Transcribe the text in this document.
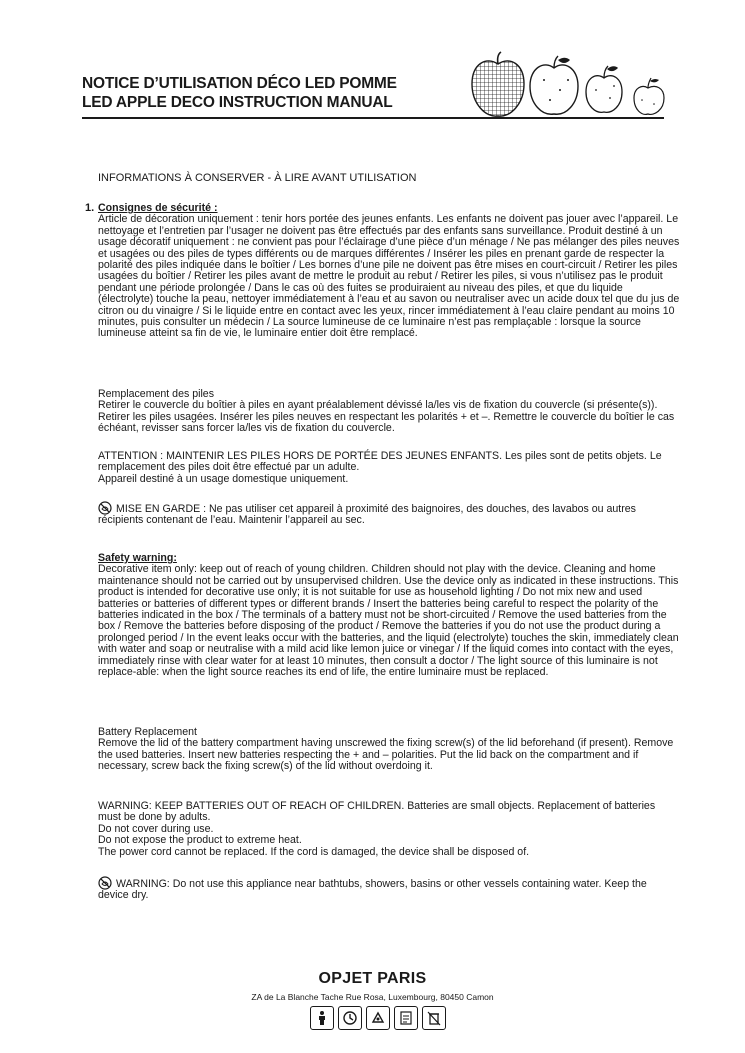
NOTICE D’UTILISATION DÉCO LED POMME
LED APPLE DECO INSTRUCTION MANUAL
INFORMATIONS À CONSERVER - À LIRE AVANT UTILISATION
1. Consignes de sécurité :

Article de décoration uniquement : tenir hors portée des jeunes enfants. Les enfants ne doivent pas jouer avec l’appareil. Le nettoyage et l’entretien par l’usager ne doivent pas être effectués par des enfants sans surveillance. Produit destiné à un usage décoratif uniquement : ne convient pas pour l’éclairage d’une pièce d’un ménage / Ne pas mélanger des piles neuves et usagées ou des piles de types différents ou de marques différentes / Insérer les piles en prenant garde de respecter la polarité des piles indiquée dans le boîtier / Les bornes d’une pile ne doivent pas être mises en court-circuit / Retirer les piles usagées du boîtier / Retirer les piles avant de mettre le produit au rebut / Retirer les piles, si vous n’utilisez pas le produit pendant une période prolongée / Dans le cas où des fuites se produiraient au niveau des piles, et que du liquide (électrolyte) touche la peau, nettoyer immédiatement à l’eau et au savon ou neutraliser avec un acide doux tel que du jus de citron ou du vinaigre / Si le liquide entre en contact avec les yeux, rincer immédiatement à l’eau claire pendant au moins 10 minutes, puis consulter un médecin / La source lumineuse de ce luminaire n’est pas remplaçable : lorsque la source lumineuse atteint sa fin de vie, le luminaire entier doit être remplacé.

Remplacement des piles

Retirer le couvercle du boîtier à piles en ayant préalablement dévissé la/les vis de fixation du couvercle (si présente(s)). Retirer les piles usagées. Insérer les piles neuves en respectant les polarités + et –. Remettre le couvercle du boîtier le cas échéant, revisser sans forcer la/les vis de fixation du couvercle.

ATTENTION : MAINTENIR LES PILES HORS DE PORTÉE DES JEUNES ENFANTS. Les piles sont de petits objets. Le remplacement des piles doit être effectué par un adulte.

Appareil destiné à un usage domestique uniquement.

MISE EN GARDE : Ne pas utiliser cet appareil à proximité des baignoires, des douches, des lavabos ou autres récipients contenant de l’eau. Maintenir l’appareil au sec.

Safety warning:

Decorative item only: keep out of reach of young children. Children should not play with the device. Cleaning and home maintenance should not be carried out by unsupervised children. Use the device only as indicated in these instructions. This product is intended for decorative use only; it is not suitable for use as household lighting / Do not mix new and used batteries or batteries of different types or different brands / Insert the batteries being careful to respect the polarity of the batteries indicated in the box / The terminals of a battery must not be short-circuited / Remove the used batteries from the box / Remove the batteries before disposing of the product / Remove the batteries if you do not use the product during a prolonged period / In the event leaks occur with the batteries, and the liquid (electrolyte) touches the skin, immediately clean with water and soap or neutralise with a mild acid like lemon juice or vinegar / If the liquid comes into contact with the eyes, immediately rinse with clear water for at least 10 minutes, then consult a doctor / The light source of this luminaire is not replace-able: when the light source reaches its end of life, the entire luminaire must be replaced.

Battery Replacement

Remove the lid of the battery compartment having unscrewed the fixing screw(s) of the lid beforehand (if present). Remove the used batteries. Insert new batteries respecting the + and – polarities. Put the lid back on the compartment and if necessary, screw back the fixing screw(s) of the lid without overdoing it.

WARNING: KEEP BATTERIES OUT OF REACH OF CHILDREN. Batteries are small objects. Replacement of batteries must be done by adults.

Do not cover during use.

Do not expose the product to extreme heat.

The power cord cannot be replaced. If the cord is damaged, the device shall be disposed of.

WARNING: Do not use this appliance near bathtubs, showers, basins or other vessels containing water. Keep the device dry.

OPJET PARIS
ZA de La Blanche Tache Rue Rosa, Luxembourg, 80450 Camon
